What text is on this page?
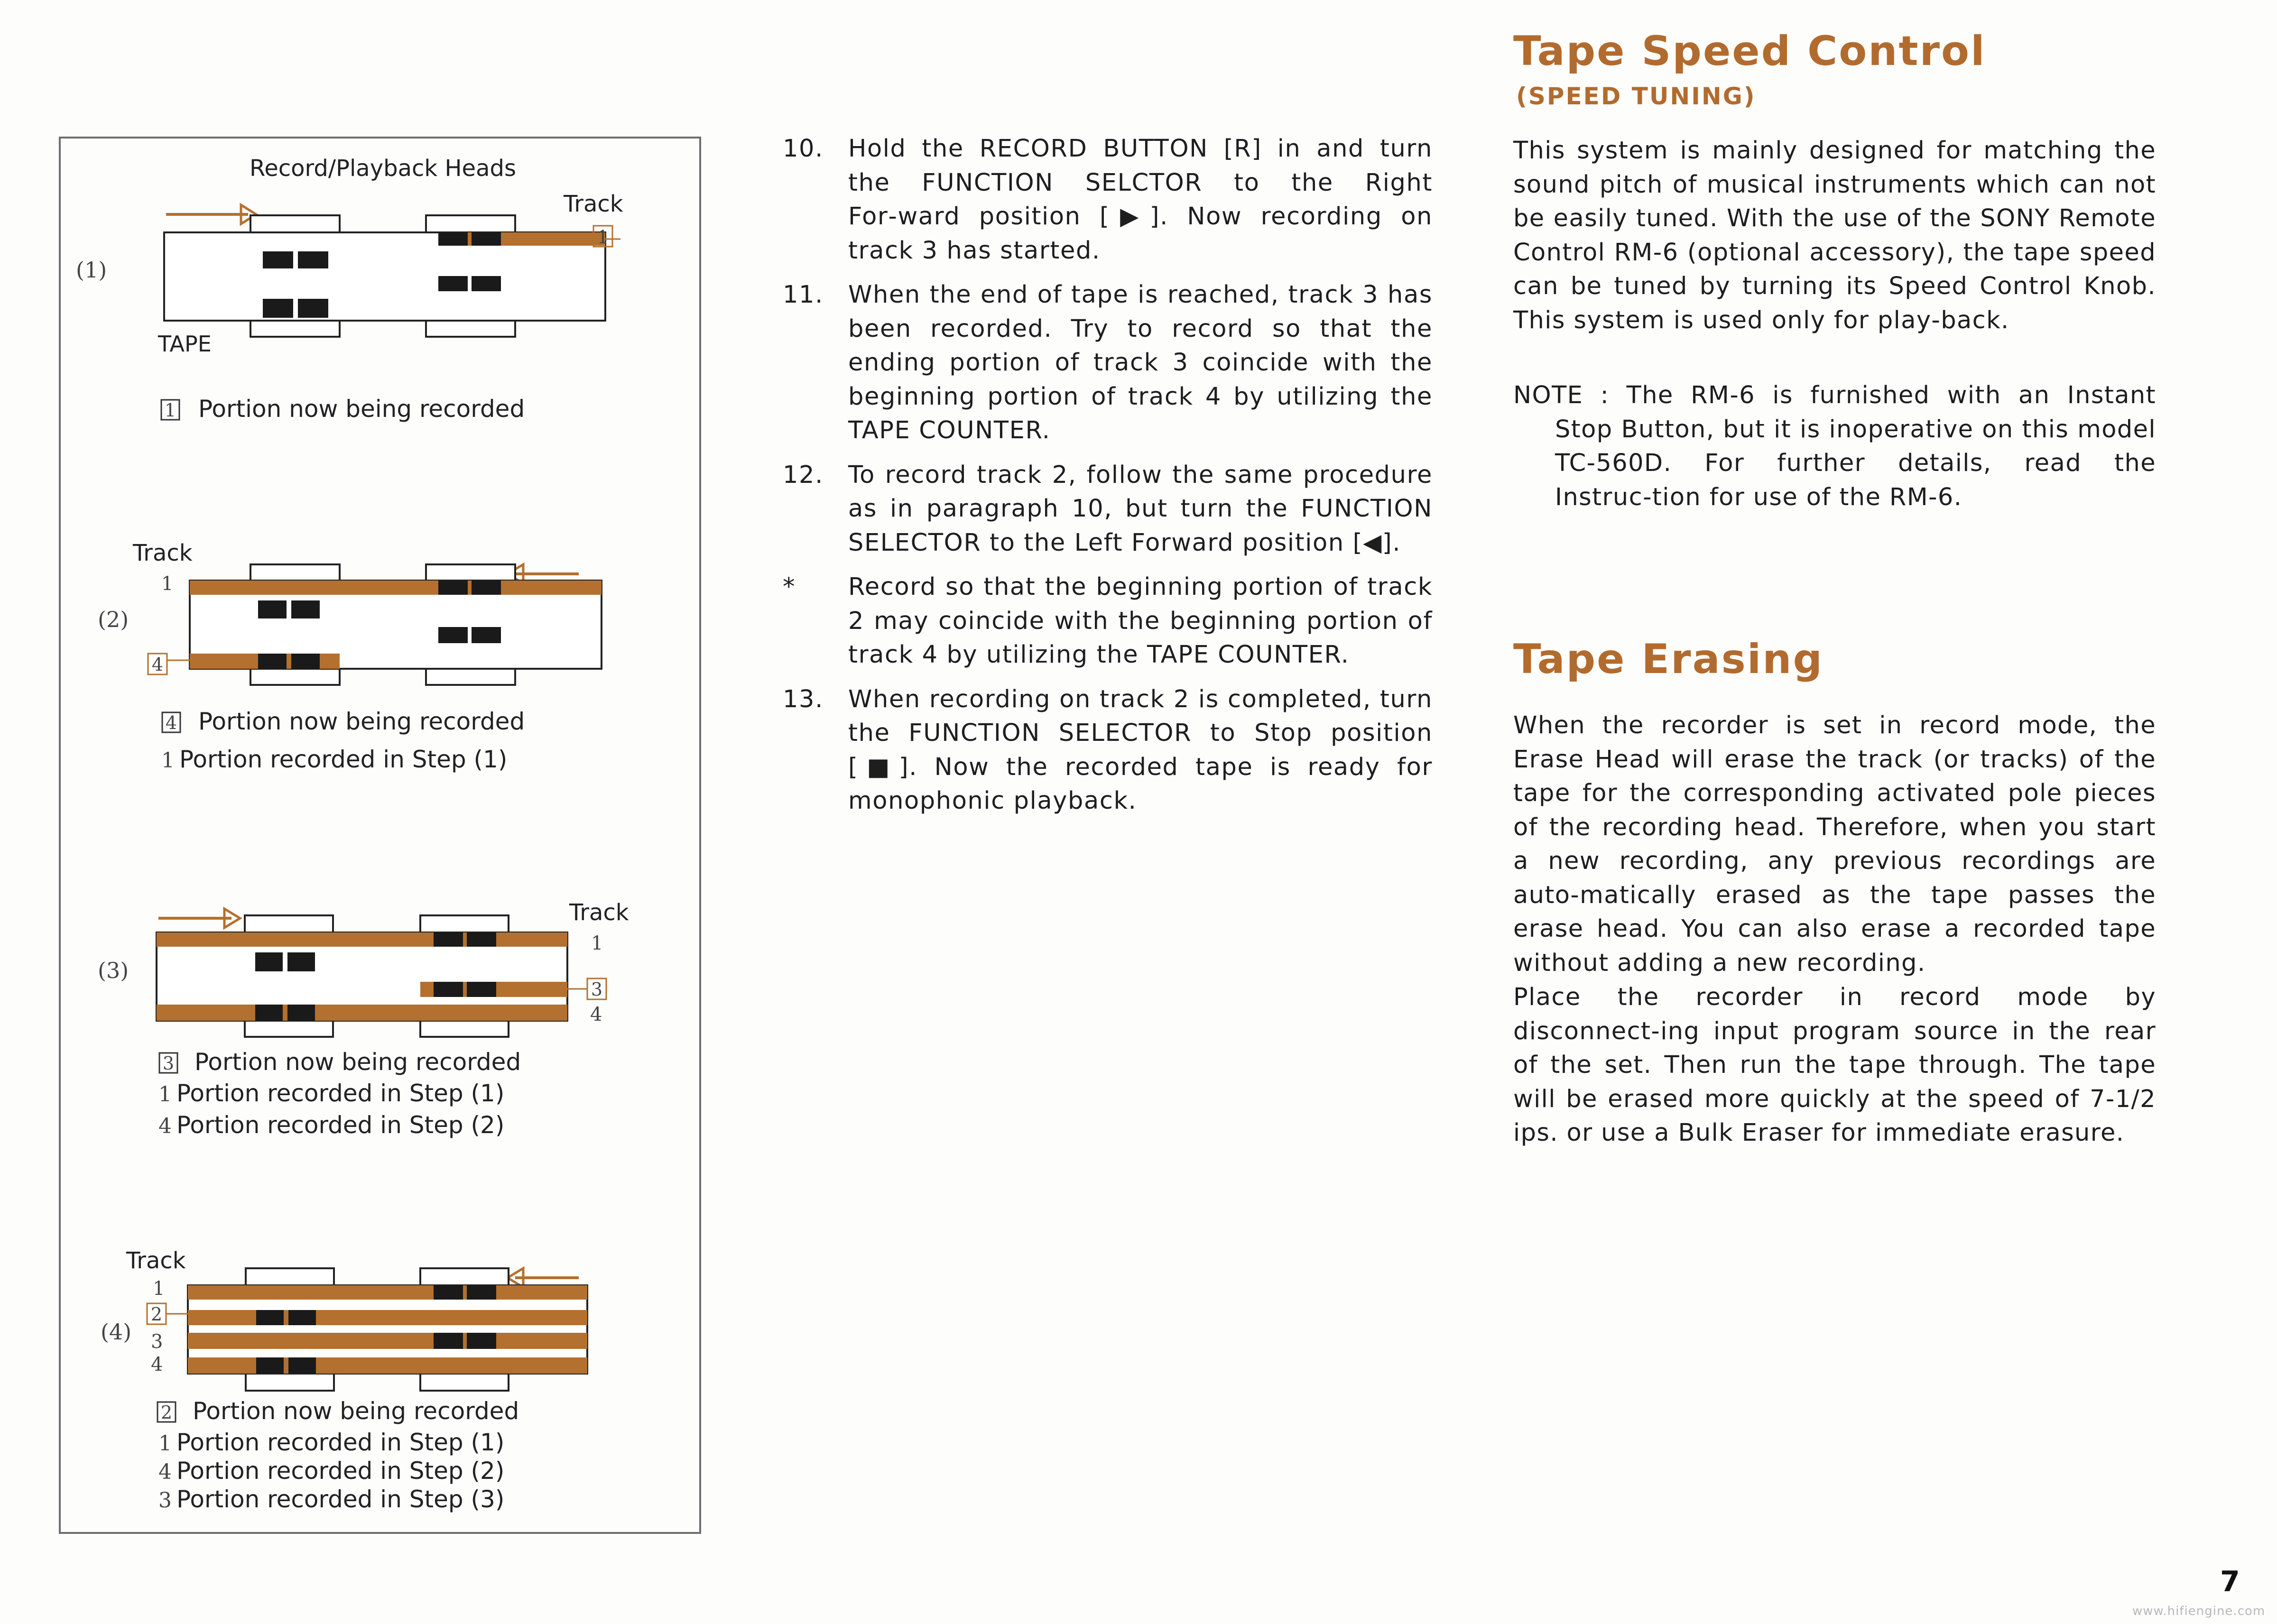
Record/Playback Heads
Track
1
(1)
TAPE
1 Portion now being recorded
Track
1
4
(2)
4 Portion now being recorded
1 Portion recorded in Step (1)
Track
1
3
4
(3)
3 Portion now being recorded
1 Portion recorded in Step (1)
4 Portion recorded in Step (2)
Track
1
2
3
4
(4)
2 Portion now being recorded
1 Portion recorded in Step (1)
4 Portion recorded in Step (2)
3 Portion recorded in Step (3)
10. Hold the RECORD BUTTON [R] in and turn the FUNCTION SELCTOR to the Right For‑ward position [▶]. Now recording on track 3 has started.
11. When the end of tape is reached, track 3 has been recorded. Try to record so that the ending portion of track 3 coincide with the beginning portion of track 4 by utilizing the TAPE COUNTER.
12. To record track 2, follow the same procedure as in paragraph 10, but turn the FUNCTION SELECTOR to the Left Forward position [◀].
*	Record so that the beginning portion of track 2 may coincide with the beginning portion of track 4 by utilizing the TAPE COUNTER.
13. When recording on track 2 is completed, turn the FUNCTION SELECTOR to Stop position [■]. Now the recorded tape is ready for monophonic playback.
Tape Speed Control
(SPEED TUNING)
This system is mainly designed for matching the sound pitch of musical instruments which can not be easily tuned. With the use of the SONY Remote Control RM-6 (optional accessory), the tape speed can be tuned by turning its Speed Control Knob. This system is used only for play‑back.
NOTE : The RM-6 is furnished with an Instant
Stop Button, but it is inoperative on this model TC-560D. For further details, read the Instruc‑tion for use of the RM-6.
Tape Erasing
When the recorder is set in record mode, the Erase Head will erase the track (or tracks) of the tape for the corresponding activated pole pieces of the recording head. Therefore, when you start a new recording, any previous recordings are auto‑matically erased as the tape passes the erase head. You can also erase a recorded tape without adding a new recording.
Place the recorder in record mode by disconnect‑ing input program source in the rear of the set. Then run the tape through. The tape will be erased more quickly at the speed of 7-1/2 ips. or use a Bulk Eraser for immediate erasure.
7
www.hifiengine.com
